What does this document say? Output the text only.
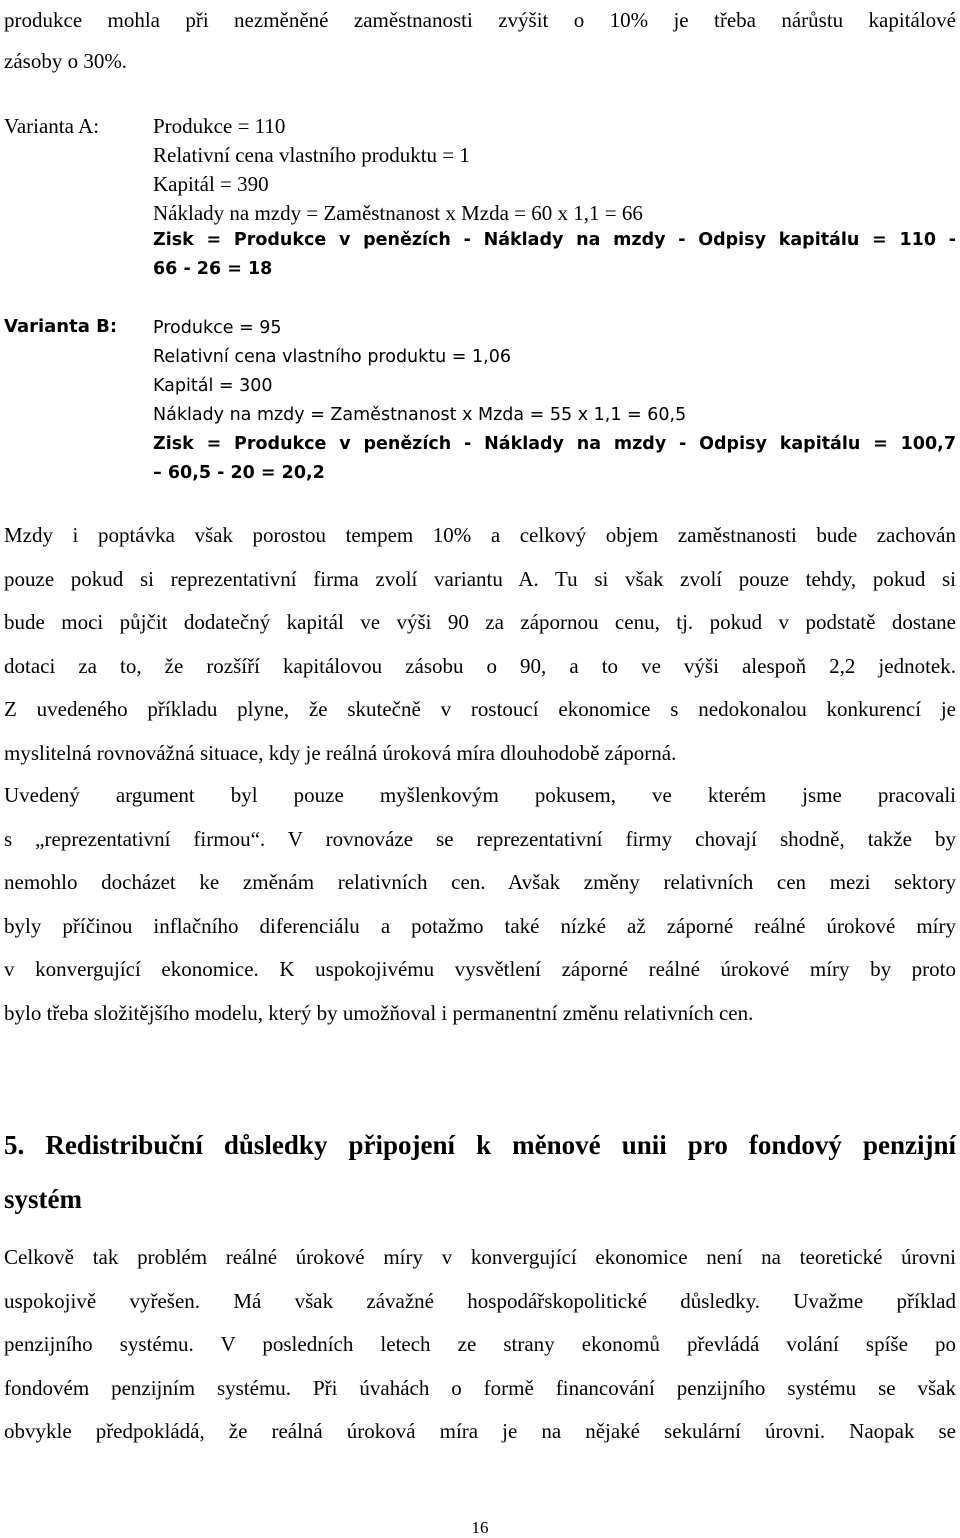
produkce mohla při nezměněné zaměstnanosti zvýšit o 10% je třeba nárůstu kapitálové
zásoby o 30%.
Varianta A:	Produkce = 110
Relativní cena vlastního produktu = 1
Kapitál = 390
Náklady na mzdy = Zaměstnanost x Mzda = 60 x 1,1 = 66
Zisk = Produkce v penězích - Náklady na mzdy - Odpisy kapitálu = 110 -
66 - 26 = 18
Varianta B: Produkce = 95
Relativní cena vlastního produktu = 1,06
Kapitál = 300
Náklady na mzdy = Zaměstnanost x Mzda = 55 x 1,1 = 60,5
Zisk = Produkce v penězích - Náklady na mzdy - Odpisy kapitálu = 100,7
– 60,5 - 20 = 20,2
Mzdy i poptávka však porostou tempem 10% a celkový objem zaměstnanosti bude zachován
pouze pokud si reprezentativní firma zvolí variantu A. Tu si však zvolí pouze tehdy, pokud si
bude moci půjčit dodatečný kapitál ve výši 90 za zápornou cenu, tj. pokud v podstatě dostane
dotaci za to, že rozšíří kapitálovou zásobu o 90, a to ve výši alespoň 2,2 jednotek.
Z uvedeného příkladu plyne, že skutečně v rostoucí ekonomice s nedokonalou konkurencí je
myslitelná rovnovážná situace, kdy je reálná úroková míra dlouhodobě záporná.
Uvedený argument byl pouze myšlenkovým pokusem, ve kterém jsme pracovali
s „reprezentativní firmou“. V rovnováze se reprezentativní firmy chovají shodně, takže by
nemohlo docházet ke změnám relativních cen. Avšak změny relativních cen mezi sektory
byly příčinou inflačního diferenciálu a potažmo také nízké až záporné reálné úrokové míry
v konvergující ekonomice. K uspokojivému vysvětlení záporné reálné úrokové míry by proto
bylo třeba složitějšího modelu, který by umožňoval i permanentní změnu relativních cen.
5. Redistribuční důsledky připojení k měnové unii pro fondový penzijní
systém
Celkově tak problém reálné úrokové míry v konvergující ekonomice není na teoretické úrovni
uspokojivě vyřešen. Má však závažné hospodářskopolitické důsledky. Uvažme příklad
penzijního systému. V posledních letech ze strany ekonomů převládá volání spíše po
fondovém penzijním systému. Při úvahách o formě financování penzijního systému se však
obvykle předpokládá, že reálná úroková míra je na nějaké sekulární úrovni. Naopak se
16
